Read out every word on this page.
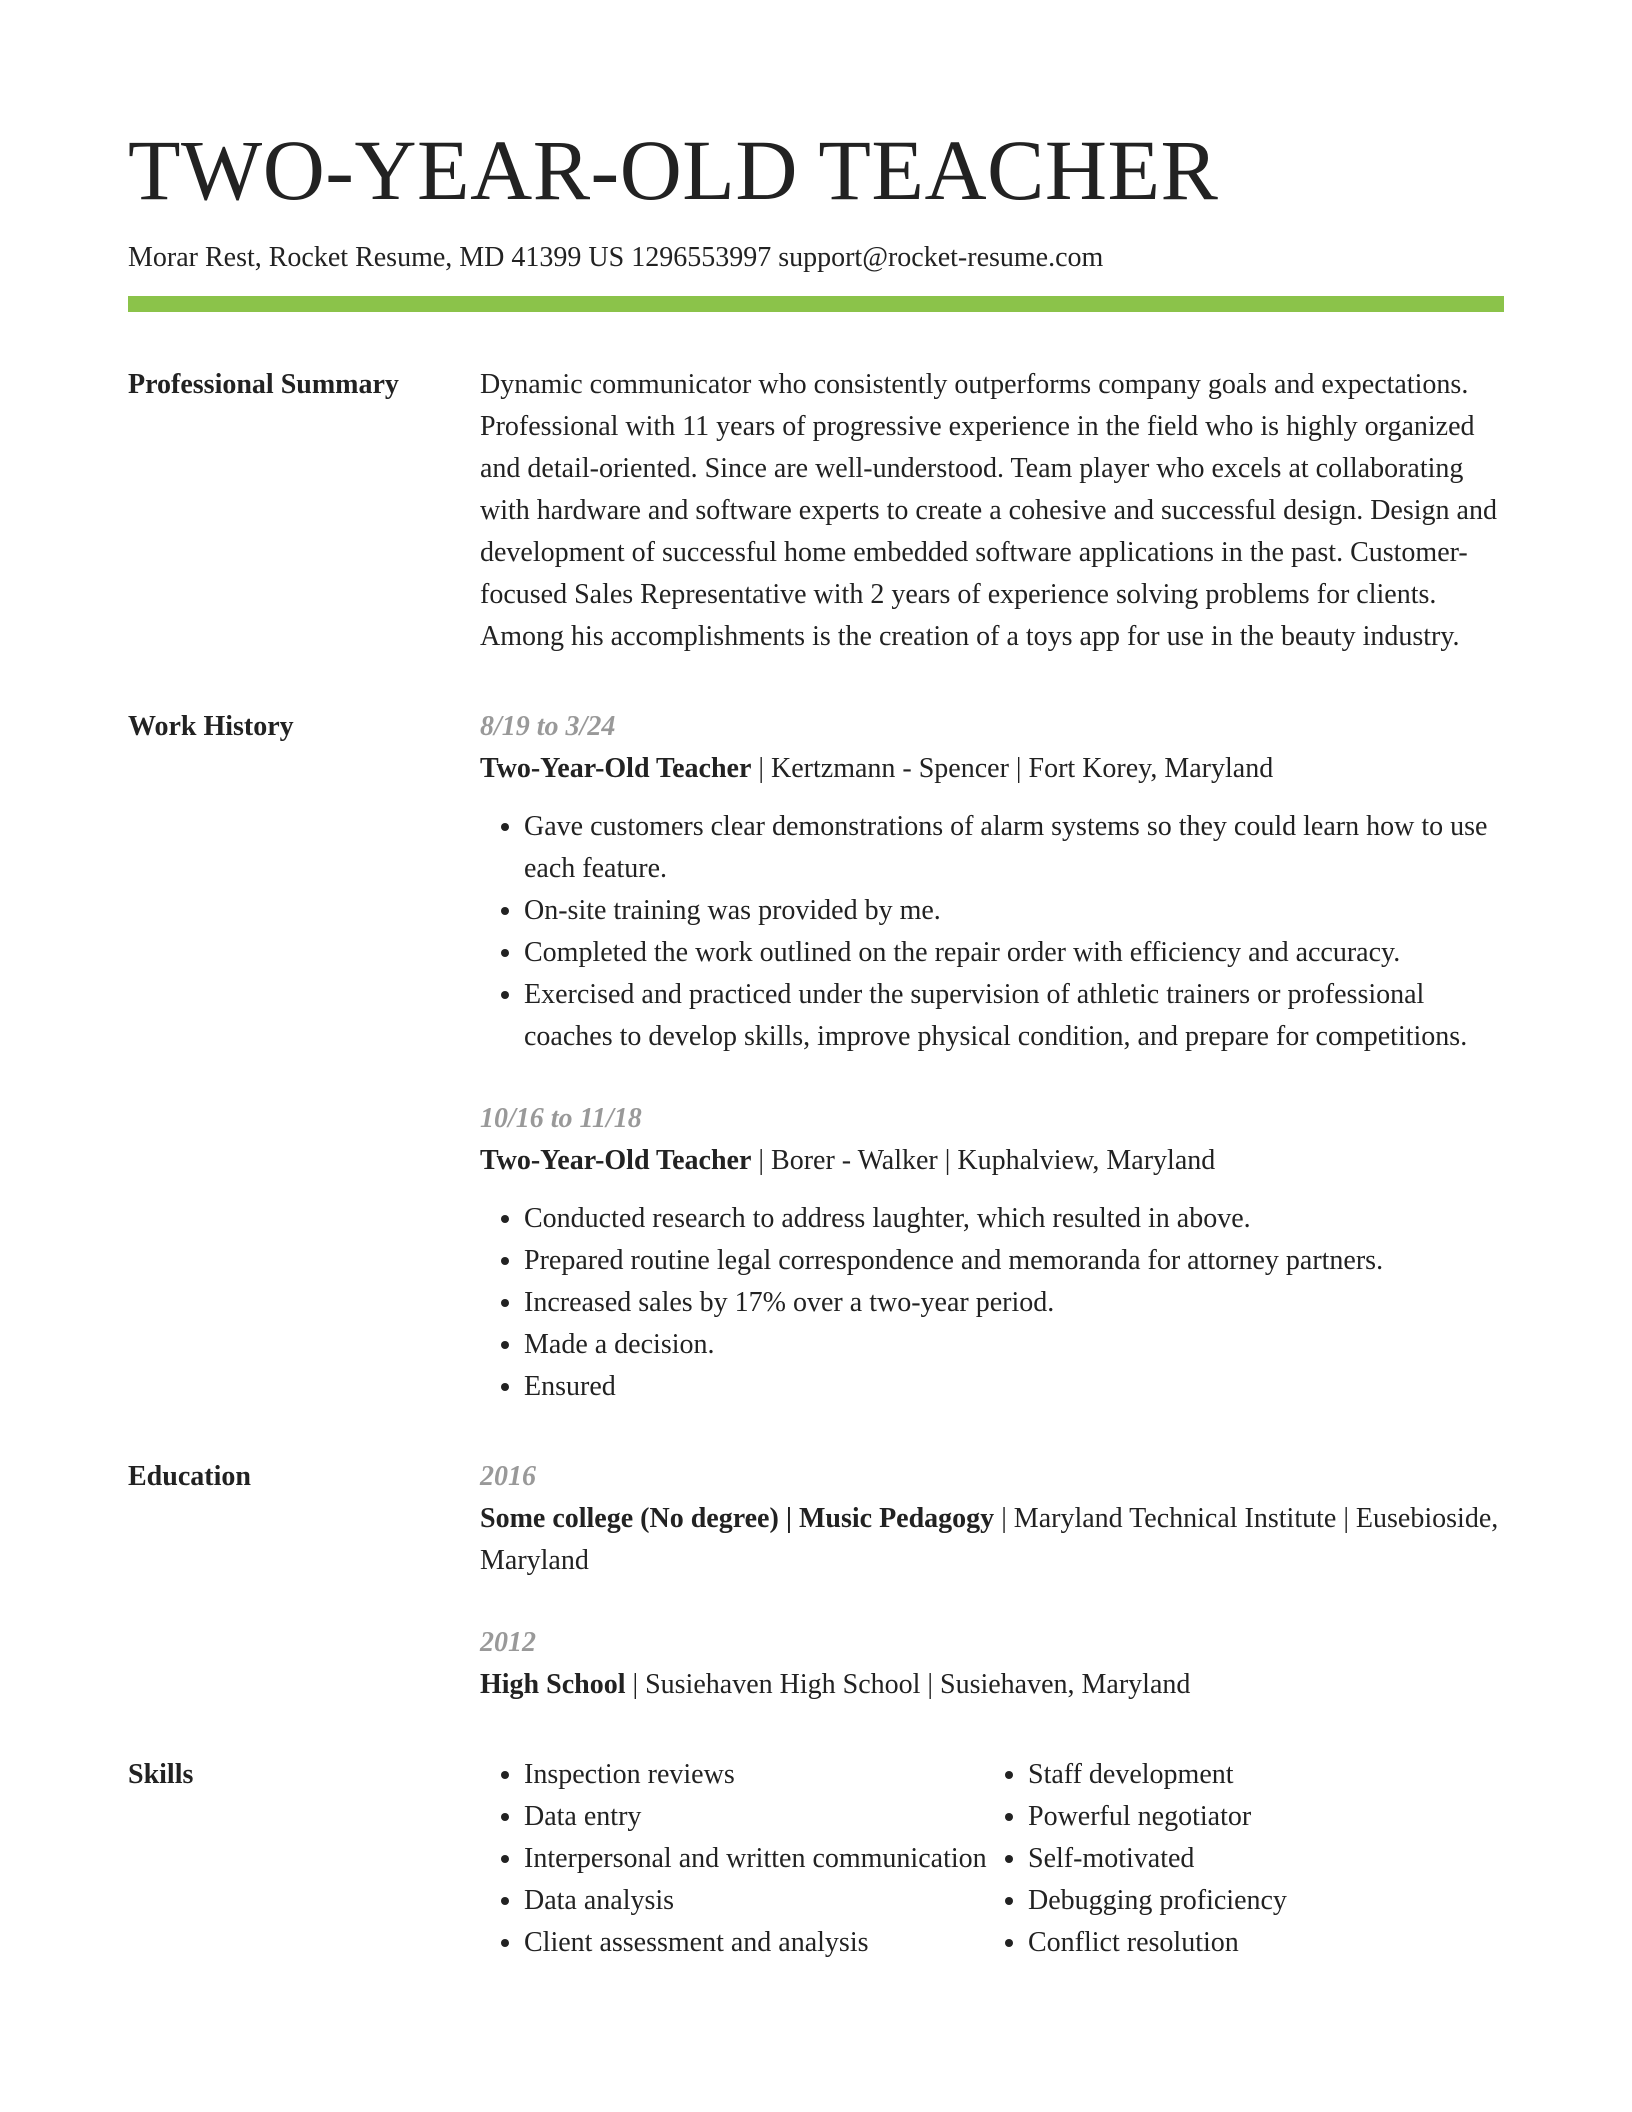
TWO-YEAR-OLD TEACHER
Morar Rest, Rocket Resume, MD 41399 US 1296553997 support@rocket-resume.com
Professional Summary	Dynamic communicator who consistently outperforms company goals and expectations. Professional with 11 years of progressive experience in the field who is highly organized and detail-oriented. Since are well-understood. Team player who excels at collaborating with hardware and software experts to create a cohesive and successful design. Design and development of successful home embedded software applications in the past. Customer-focused Sales Representative with 2 years of experience solving problems for clients. Among his accomplishments is the creation of a toys app for use in the beauty industry.

Work History	8/19 to 3/24
Two-Year-Old Teacher | Kertzmann - Spencer | Fort Korey, Maryland
• Gave customers clear demonstrations of alarm systems so they could learn how to use each feature.
• On-site training was provided by me.
• Completed the work outlined on the repair order with efficiency and accuracy.
• Exercised and practiced under the supervision of athletic trainers or professional coaches to develop skills, improve physical condition, and prepare for competitions.
10/16 to 11/18
Two-Year-Old Teacher | Borer - Walker | Kuphalview, Maryland
• Conducted research to address laughter, which resulted in above.
• Prepared routine legal correspondence and memoranda for attorney partners.
• Increased sales by 17% over a two-year period.
• Made a decision.
• Ensured
Education	2016
Some college (No degree) | Music Pedagogy | Maryland Technical Institute | Eusebioside, Maryland
2012
High School | Susiehaven High School | Susiehaven, Maryland
Skills
•	Inspection reviews
• Data entry
• Interpersonal and written communication
• Data analysis
• Client assessment and analysis
• Staff development
• Powerful negotiator
• Self-motivated
• Debugging proficiency
• Conflict resolution
